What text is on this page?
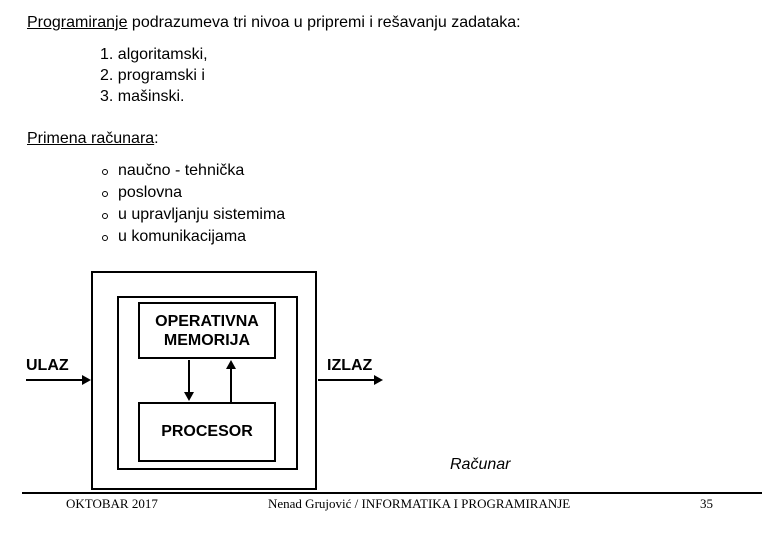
Programiranje podrazumeva tri nivoa u pripremi i rešavanju zadataka:
1. algoritamski,
2. programski i
3. mašinski.
Primena računara:
naučno - tehnička
poslovna
u upravljanju sistemima
u komunikacijama
OPERATIVNA
MEMORIJA
PROCESOR
ULAZ	IZLAZ
Računar
OKTOBAR 2017	Nenad Grujović / INFORMATIKA I PROGRAMIRANJE	35
